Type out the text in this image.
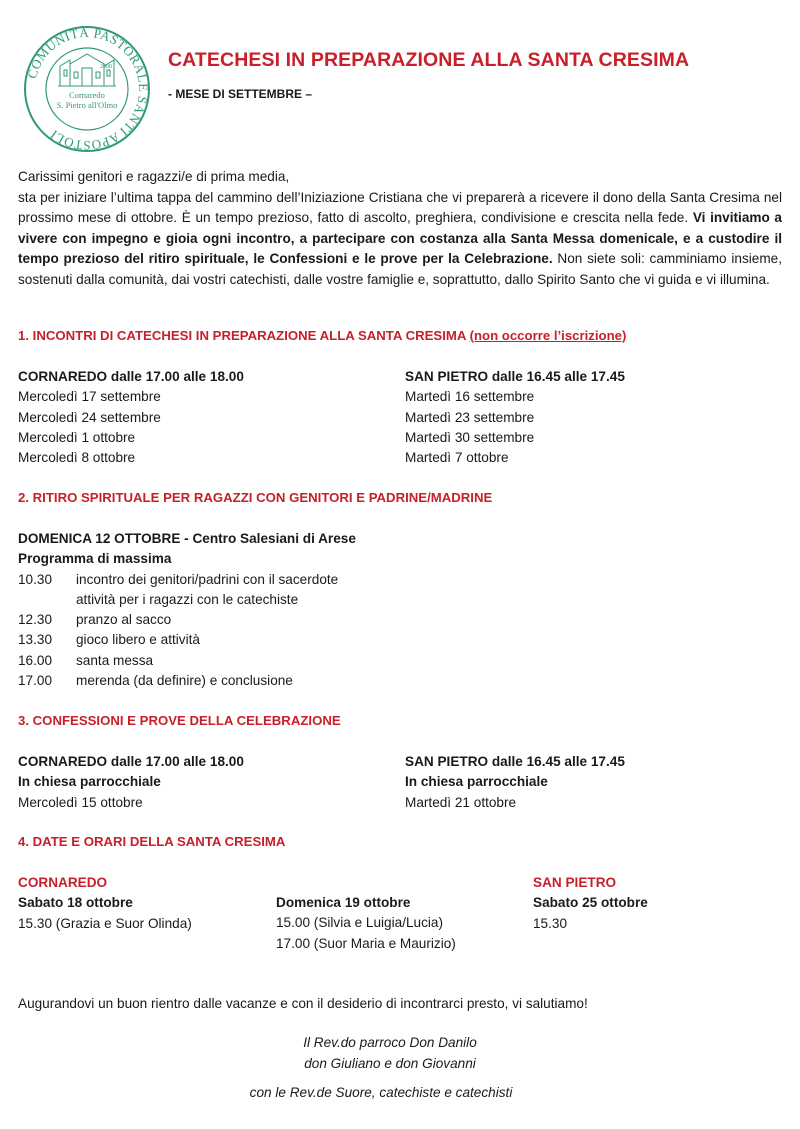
COMUNITÀ PASTORALE SANTI APOSTOLI
2000
Cornaredo
S. Pietro all'Olmo
CATECHESI IN PREPARAZIONE ALLA SANTA CRESIMA
- MESE DI SETTEMBRE –

Carissimi genitori e ragazzi/e di prima media,

sta per iniziare l’ultima tappa del cammino dell’Iniziazione Cristiana che vi preparerà a ricevere il dono della Santa Cresima nel prossimo mese di ottobre. È un tempo prezioso, fatto di ascolto, preghiera, condivisione e crescita nella fede. Vi invitiamo a vivere con impegno e gioia ogni incontro, a partecipare con costanza alla Santa Messa domenicale, e a custodire il tempo prezioso del ritiro spirituale, le Confessioni e le prove per la Celebrazione. Non siete soli: camminiamo insieme, sostenuti dalla comunità, dai vostri catechisti, dalle vostre famiglie e, soprattutto, dallo Spirito Santo che vi guida e vi illumina.

1. INCONTRI DI CATECHESI IN PREPARAZIONE ALLA SANTA CRESIMA (non occorre l’iscrizione)
CORNAREDO dalle 17.00 alle 18.00
Mercoledì 17 settembre
Mercoledì 24 settembre
Mercoledì 1 ottobre
Mercoledì 8 ottobre
SAN PIETRO dalle 16.45 alle 17.45
Martedì 16 settembre
Martedì 23 settembre
Martedì 30 settembre
Martedì 7 ottobre
2. RITIRO SPIRITUALE PER RAGAZZI CON GENITORI E PADRINE/MADRINE
DOMENICA 12 OTTOBRE - Centro Salesiani di Arese
Programma di massima
10.30	incontro dei genitori/padrini con il sacerdote
attività per i ragazzi con le catechiste
12.30	pranzo al sacco
13.30	gioco libero e attività
16.00	santa messa
17.00	merenda (da definire) e conclusione
3. CONFESSIONI E PROVE DELLA CELEBRAZIONE
CORNAREDO dalle 17.00 alle 18.00
In chiesa parrocchiale
Mercoledì 15 ottobre
SAN PIETRO dalle 16.45 alle 17.45
In chiesa parrocchiale
Martedì 21 ottobre
4. DATE E ORARI DELLA SANTA CRESIMA
CORNAREDO
Sabato 18 ottobre
15.30 (Grazia e Suor Olinda)
Domenica 19 ottobre
15.00 (Silvia e Luigia/Lucia)
17.00 (Suor Maria e Maurizio)
SAN PIETRO
Sabato 25 ottobre
15.30
Augurandovi un buon rientro dalle vacanze e con il desiderio di incontrarci presto, vi salutiamo!
Il Rev.do parroco Don Danilo
don Giuliano e don Giovanni
con le Rev.de Suore, catechiste e catechisti
